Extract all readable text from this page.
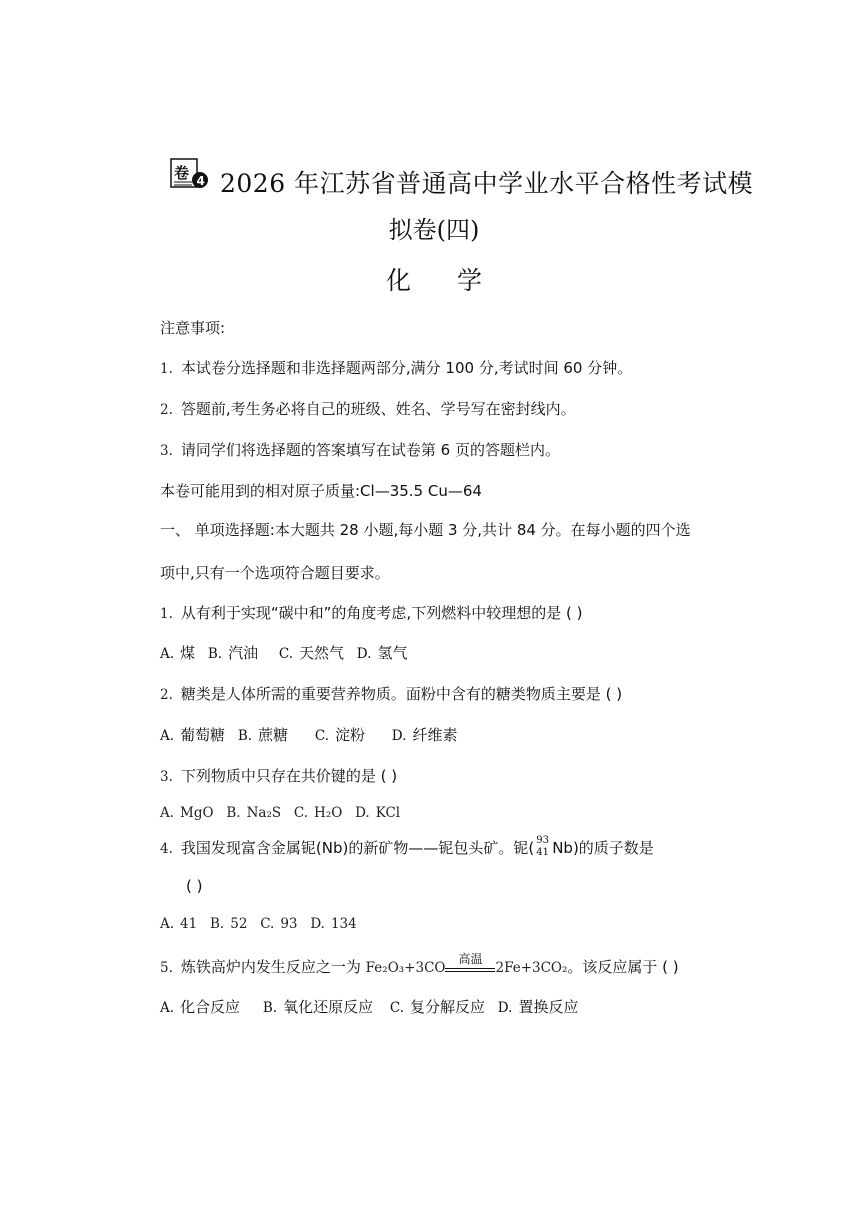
卷 4 2026 年江苏省普通高中学业水平合格性考试模
拟卷(四)
化 学
注意事项:
1. 本试卷分选择题和非选择题两部分,满分 100 分,考试时间 60 分钟。
2. 答题前,考生务必将自己的班级、姓名、学号写在密封线内。
3. 请同学们将选择题的答案填写在试卷第 6 页的答题栏内。
本卷可能用到的相对原子质量:Cl—35.5 Cu—64
一、 单项选择题:本大题共 28 小题,每小题 3 分,共计 84 分。在每小题的四个选
项中,只有一个选项符合题目要求。
1. 从有利于实现“碳中和”的角度考虑,下列燃料中较理想的是 ( )
A. 煤 B. 汽油 C. 天然气 D. 氢气
2. 糖类是人体所需的重要营养物质。面粉中含有的糖类物质主要是 ( )
A. 葡萄糖 B. 蔗糖 C. 淀粉 D. 纤维素
3. 下列物质中只存在共价键的是 ( )
A. MgO B. Na₂S C. H₂O D. KCl
4. 我国发现富含金属铌(Nb)的新矿物——铌包头矿。铌( 93
41 Nb)的质子数是
( )
A. 41 B. 52 C. 93 D. 134
5. 炼铁高炉内发生反应之一为 Fe₂O₃+3CO
高温
2Fe+3CO₂。该反应属于 ( )
A. 化合反应 B. 氧化还原反应 C. 复分解反应 D. 置换反应
